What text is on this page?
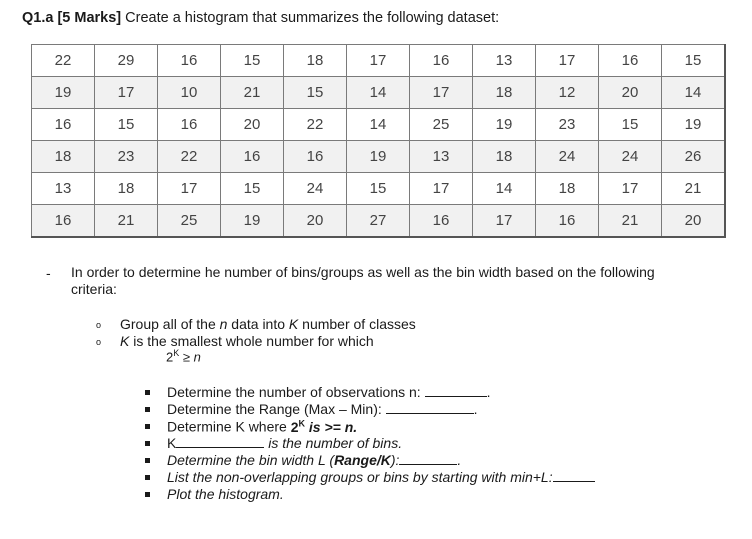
Q1.a [5 Marks] Create a histogram that summarizes the following dataset:
22	29	16	15	18	17	16	13	17	16	15
19	17	10	21	15	14	17	18	12	20	14
16	15	16	20	22	14	25	19	23	15	19
18	23	22	16	16	19	13	18	24	24	26
13	18	17	15	24	15	17	14	18	17	21
16	21	25	19	20	27	16	17	16	21	20
- In order to determine he number of bins/groups as well as the bin width based on the following criteria:
o Group all of the n data into K number of classes
o K is the smallest whole number for which
$2^K \ge n$
Determine the number of observations n:	.
Determine the Range (Max – Min):	.
Determine K where $2^K$ is >= n.
K	is the number of bins.
Determine the bin width L (Range/K):	.
List the non-overlapping groups or bins by starting with min+L:
Plot the histogram.
